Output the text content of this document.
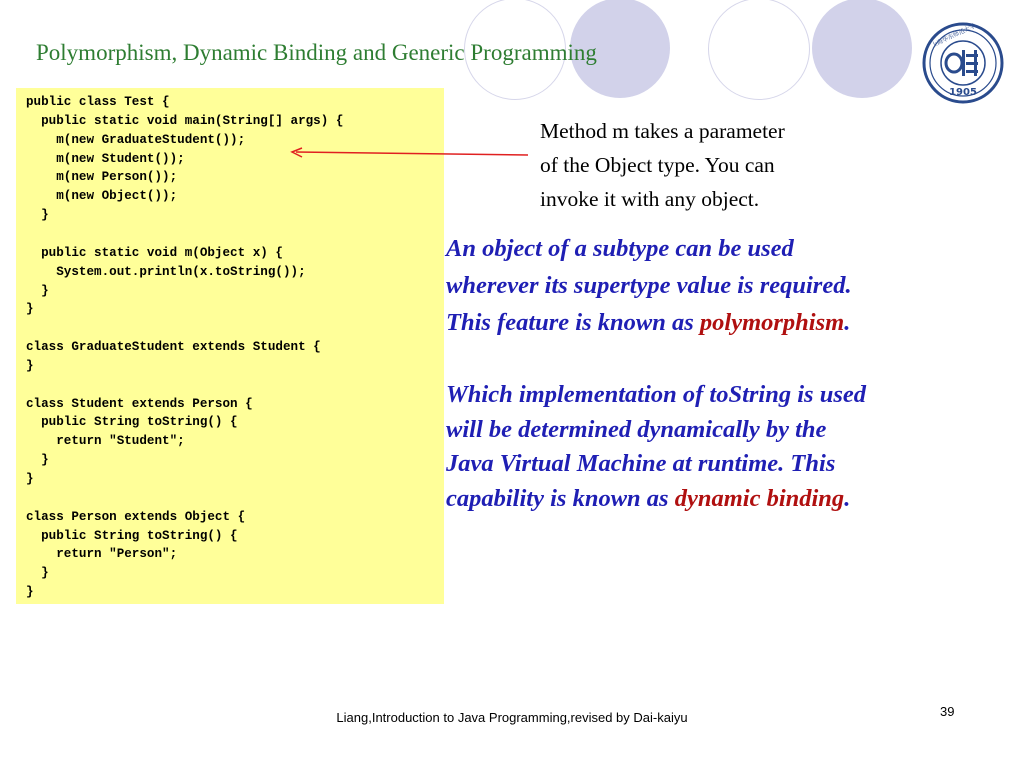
Polymorphism, Dynamic Binding and Generic Programming
上海华东师范大学
1905
public class Test {
public static void main(String[] args) {
m(new GraduateStudent());
m(new Student());
m(new Person());
m(new Object());
}
public static void m(Object x) {
System.out.println(x.toString());
}
}
class GraduateStudent extends Student {
}
class Student extends Person {
public String toString() {
return "Student";
}
}
class Person extends Object {
public String toString() {
return "Person";
}
}
Method m takes a parameter
of the Object type. You can
invoke it with any object.
An object of a subtype can be used
wherever its supertype value is required.
This feature is known as polymorphism.
Which implementation of toString is used
will be determined dynamically by the
Java Virtual Machine at runtime. This
capability is known as dynamic binding.
Liang,Introduction to Java Programming,revised by Dai-kaiyu	39
